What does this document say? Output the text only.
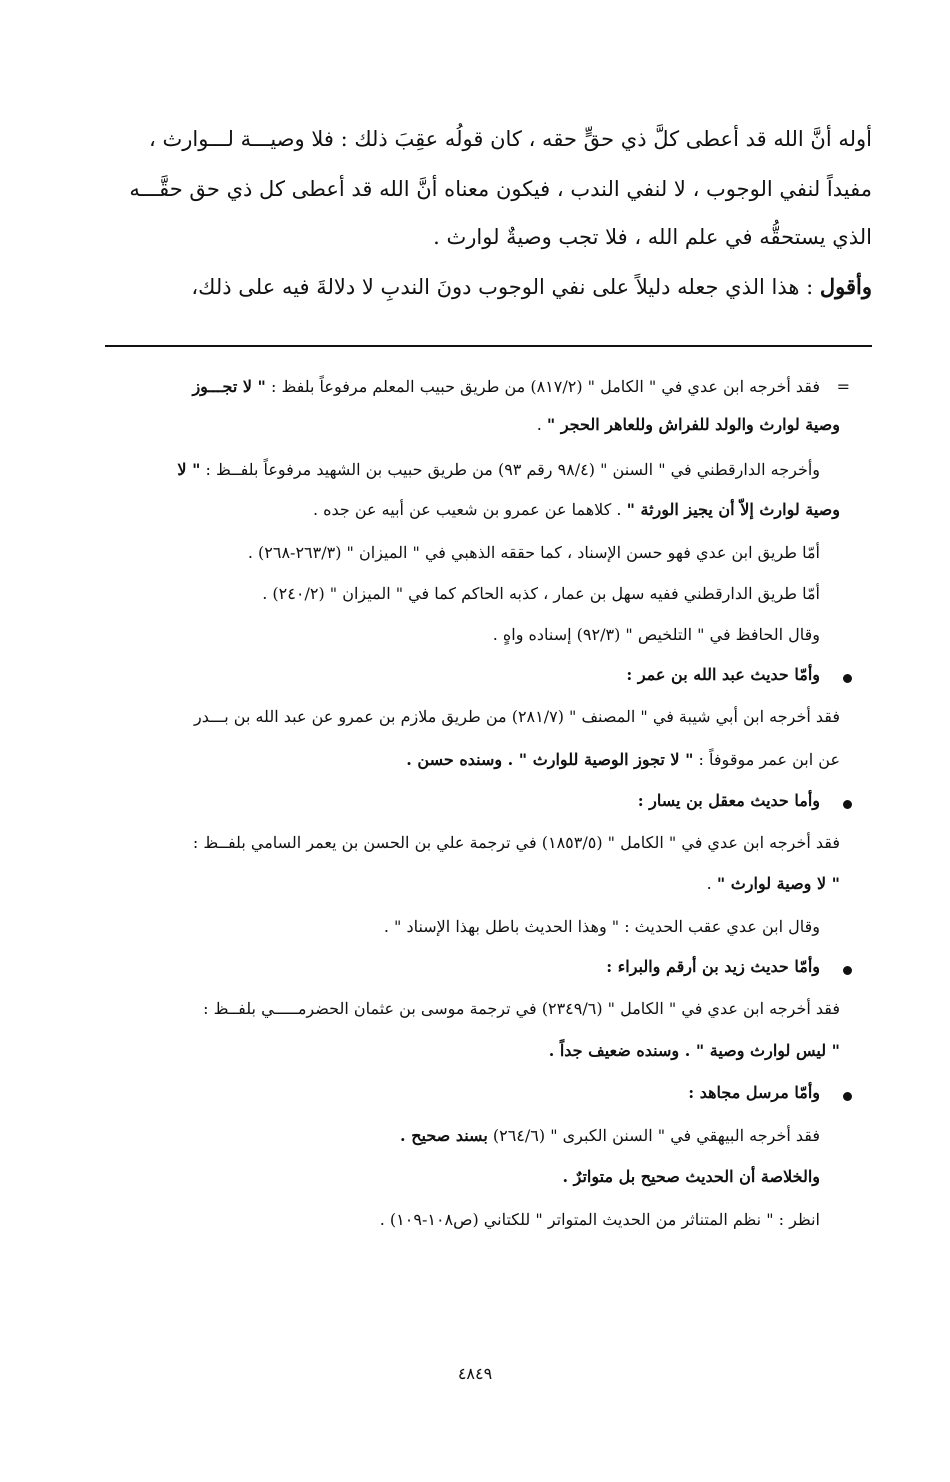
أوله أنَّ الله قد أعطى كلَّ ذي حقٍّ حقه ، كان قولُه عقِبَ ذلك : فلا وصيـــة لـــوارث ،
مفيداً لنفي الوجوب ، لا لنفي الندب ، فيكون معناه أنَّ الله قد أعطى كل ذي حق حقَّـــه
الذي يستحقُّه في علم الله ، فلا تجب وصيةٌ لوارث .
وأقول : هذا الذي جعله دليلاً على نفي الوجوب دونَ الندبِ لا دلالةَ فيه على ذلك،
=
فقد أخرجه ابن عدي في " الكامل " (٨١٧/٢) من طريق حبيب المعلم مرفوعاً بلفظ : " لا تجـــوز
وصية لوارث والولد للفراش وللعاهر الحجر " .
وأخرجه الدارقطني في " السنن " (٩٨/٤ رقم ٩٣) من طريق حبيب بن الشهيد مرفوعاً بلفــظ : " لا
وصية لوارث إلاّ أن يجيز الورثة " . كلاهما عن عمرو بن شعيب عن أبيه عن جده .
أمّا طريق ابن عدي فهو حسن الإسناد ، كما حققه الذهبي في " الميزان " (٢٦٣/٣-٢٦٨) .
أمّا طريق الدارقطني ففيه سهل بن عمار ، كذبه الحاكم كما في " الميزان " (٢٤٠/٢) .
وقال الحافظ في " التلخيص " (٩٢/٣) إسناده واهٍ .
وأمّا حديث عبد الله بن عمر :
فقد أخرجه ابن أبي شيبة في " المصنف " (٢٨١/٧) من طريق ملازم بن عمرو عن عبد الله بن بـــدر
عن ابن عمر موقوفاً : " لا تجوز الوصية للوارث " . وسنده حسن .
وأما حديث معقل بن يسار :
فقد أخرجه ابن عدي في " الكامل " (١٨٥٣/٥) في ترجمة علي بن الحسن بن يعمر السامي بلفــظ :
" لا وصية لوارث " .
وقال ابن عدي عقب الحديث : " وهذا الحديث باطل بهذا الإسناد " .
وأمّا حديث زيد بن أرقم والبراء :
فقد أخرجه ابن عدي في " الكامل " (٢٣٤٩/٦) في ترجمة موسى بن عثمان الحضرمـــــي بلفــظ :
" ليس لوارث وصية " . وسنده ضعيف جداً .
وأمّا مرسل مجاهد :
فقد أخرجه البيهقي في " السنن الكبرى " (٢٦٤/٦) بسند صحيح .
والخلاصة أن الحديث صحيح بل متواترٌ .
انظر : " نظم المتناثر من الحديث المتواتر " للكتاني (ص١٠٨-١٠٩) .
٤٨٤٩
